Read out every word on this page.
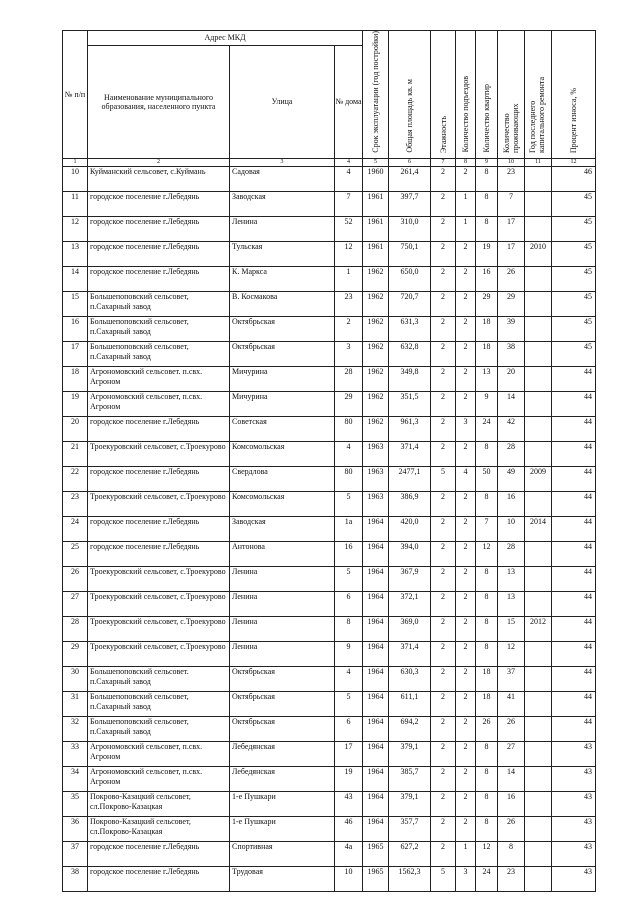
№ п/п	Адрес МКД			Срок эксплуатации (год постройки)	Общая площадь кв. м	Этажность	Количество подъездов	Количество квартир	Количество проживающих	Год последнего капитального ремонта	Процент износа, %
	Наименование муниципального образования, населенного пункта	Улица	№ дома								
1	2	3	4	5	6	7	8	9	10	11	12
10	Куйманский сельсовет, с.Куймань	Садовая	4	1960	261,4	2	2	8	23		46
11	городское поселение г.Лебедянь	Заводская	7	1961	397,7	2	1	8	7		45
12	городское поселение г.Лебедянь	Ленина	52	1961	310,0	2	1	8	17		45
13	городское поселение г.Лебедянь	Тульская	12	1961	750,1	2	2	19	17	2010	45
14	городское поселение г.Лебедянь	К. Маркса	1	1962	650,0	2	2	16	26		45
15	Большепоповский сельсовет, п.Сахарный завод	В. Космакова	23	1962	720,7	2	2	29	29		45
16	Большепоповский сельсовет, п.Сахарный завод	Октябрьская	2	1962	631,3	2	2	18	39		45
17	Большепоповский сельсовет, п.Сахарный завод	Октябрьская	3	1962	632,8	2	2	18	38		45
18	Агрономовский сельсовет. п.свх. Агроном	Мичурина	28	1962	349,8	2	2	13	20		44
19	Агрономовский сельсовет, п.свх. Агроном	Мичурина	29	1962	351,5	2	2	9	14		44
20	городское поселение г.Лебедянь	Советская	80	1962	961,3	2	3	24	42		44
21	Троекуровский сельсовет, с.Троекурово	Комсомольская	4	1963	371,4	2	2	8	28		44
22	городское поселение г.Лебедянь	Свердлова	80	1963	2477,1	5	4	50	49	2009	44
23	Троекуровский сельсовет, с.Троекурово	Комсомольская	5	1963	386,9	2	2	8	16		44
24	городское поселение г.Лебедянь	Заводская	1а	1964	420,0	2	2	7	10	2014	44
25	городское поселение г.Лебедянь	Антонова	16	1964	394,0	2	2	12	28		44
26	Троекуровский сельсовет, с.Троекурово	Ленина	5	1964	367,9	2	2	8	13		44
27	Троекуровский сельсовет, с.Троекурово	Ленина	6	1964	372,1	2	2	8	13		44
28	Троекуровский сельсовет, с.Троекурово	Ленина	8	1964	369,0	2	2	8	15	2012	44
29	Троекуровский сельсовет, с.Троекурово	Ленина	9	1964	371,4	2	2	8	12		44
30	Большепоповский сельсовет. п.Сахарный завод	Октябрьская	4	1964	630,3	2	2	18	37		44
31	Большепоповский сельсовет, п.Сахарный завод	Октябрьская	5	1964	611,1	2	2	18	41		44
32	Большепоповский сельсовет, п.Сахарный завод	Октябрьская	6	1964	694,2	2	2	26	26		44
33	Агрономовский сельсовет, п.свх. Агроном	Лебедянская	17	1964	379,1	2	2	8	27		43
34	Агрономовский сельсовет, п.свх. Агроном	Лебедянская	19	1964	385,7	2	2	8	14		43
35	Покрово-Казацкий сельсовет, сл.Покрово-Казацкая	1-е Пушкари	43	1964	379,1	2	2	8	16		43
36	Покрово-Казацкий сельсовет, сл.Покрово-Казацкая	1-е Пушкари	46	1964	357,7	2	2	8	26		43
37	городское поселение г.Лебедянь	Спортивная	4а	1965	627,2	2	1	12	8		43
38	городское поселение г.Лебедянь	Трудовая	10	1965	1562,3	5	3	24	23		43
